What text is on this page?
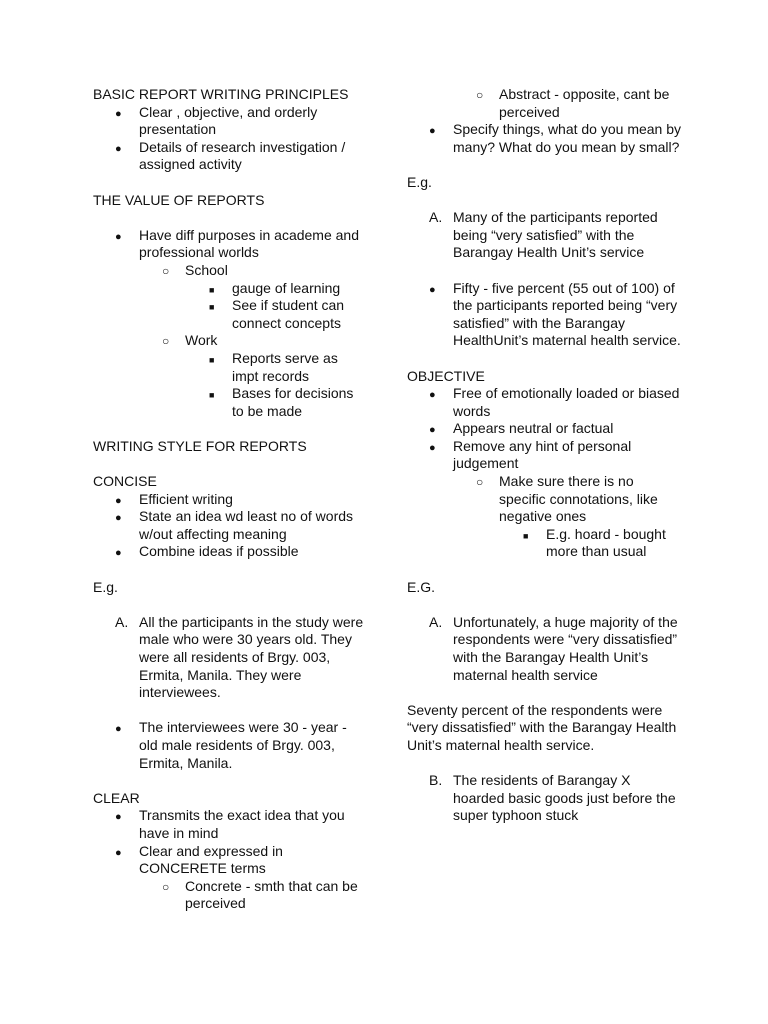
BASIC REPORT WRITING PRINCIPLES
●
Clear , objective, and orderly presentation
●
Details of research investigation / assigned activity
THE VALUE OF REPORTS
●
Have diff purposes in academe and professional worlds
○
School
■
gauge of learning
■
See if student can connect concepts
○
Work
■
Reports serve as impt records
■
Bases for decisions to be made
WRITING STYLE FOR REPORTS
CONCISE
●
Efficient writing
●
State an idea wd least no of words w/out affecting meaning
●
Combine ideas if possible
E.g.
A. All the participants in the study were male who were 30 years old. They were all residents of Brgy. 003, Ermita, Manila. They were interviewees.
●
The interviewees were 30 - year - old male residents of Brgy. 003, Ermita, Manila.
CLEAR
●
Transmits the exact idea that you have in mind
●
Clear and expressed in CONCERETE terms
○
Concrete - smth that can be perceived
○
Abstract - opposite, cant be perceived
●
Specify things, what do you mean by many? What do you mean by small?
E.g.
A. Many of the participants reported being “very satisfied” with the Barangay Health Unit’s service
●
Fifty - five percent (55 out of 100) of the participants reported being “very satisfied” with the Barangay HealthUnit’s maternal health service.
OBJECTIVE
●
Free of emotionally loaded or biased words
●
Appears neutral or factual
●
Remove any hint of personal judgement
○
Make sure there is no specific connotations, like negative ones
■
E.g. hoard - bought more than usual
E.G.
A. Unfortunately, a huge majority of the respondents were “very dissatisfied” with the Barangay Health Unit’s maternal health service
Seventy percent of the respondents were “very dissatisfied” with the Barangay Health Unit’s maternal health service.
B. The residents of Barangay X hoarded basic goods just before the super typhoon stuck
